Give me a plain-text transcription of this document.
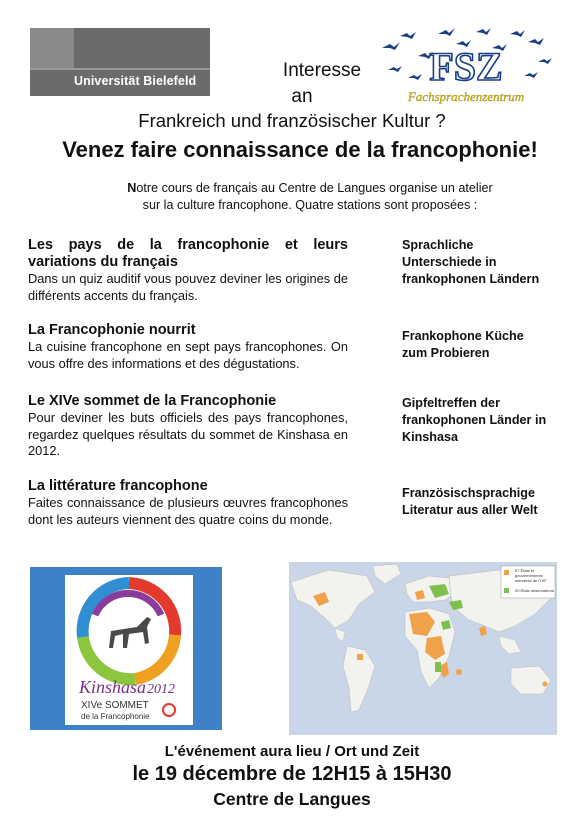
Universität Bielefeld	FSZ
Fachsprachenzentrum
Interesse
an
Frankreich und französischer Kultur ?
Venez faire connaissance de la francophonie!
Notre cours de français au Centre de Langues organise un atelier sur la culture francophone. Quatre stations sont proposées :
Les pays de la francophonie et leurs variations du français

Dans un quiz auditif vous pouvez deviner les origines de différents accents du français.

La Francophonie nourrit

La cuisine francophone en sept pays francophones. On vous offre des informations et des dégustations.

Le XIVe sommet de la Francophonie

Pour deviner les buts officiels des pays francophones, regardez quelques résultats du sommet de Kinshasa en 2012.

La littérature francophone

Faites connaissance de plusieurs œuvres francophones dont les auteurs viennent des quatre coins du monde.

Sprachliche Unterschiede in frankophonen Ländern
Frankophone Küche zum Probieren
Gipfeltreffen der frankophonen Länder in Kinshasa
Französischsprachige Literatur aus aller Welt
Kinshasa 2012
XIVe SOMMET
de la Francophonie
57 États et gouvernements membres de l'OIF
20 États observateurs
L'événement aura lieu / Ort und Zeit
le 19 décembre de 12H15 à 15H30
Centre de Langues
